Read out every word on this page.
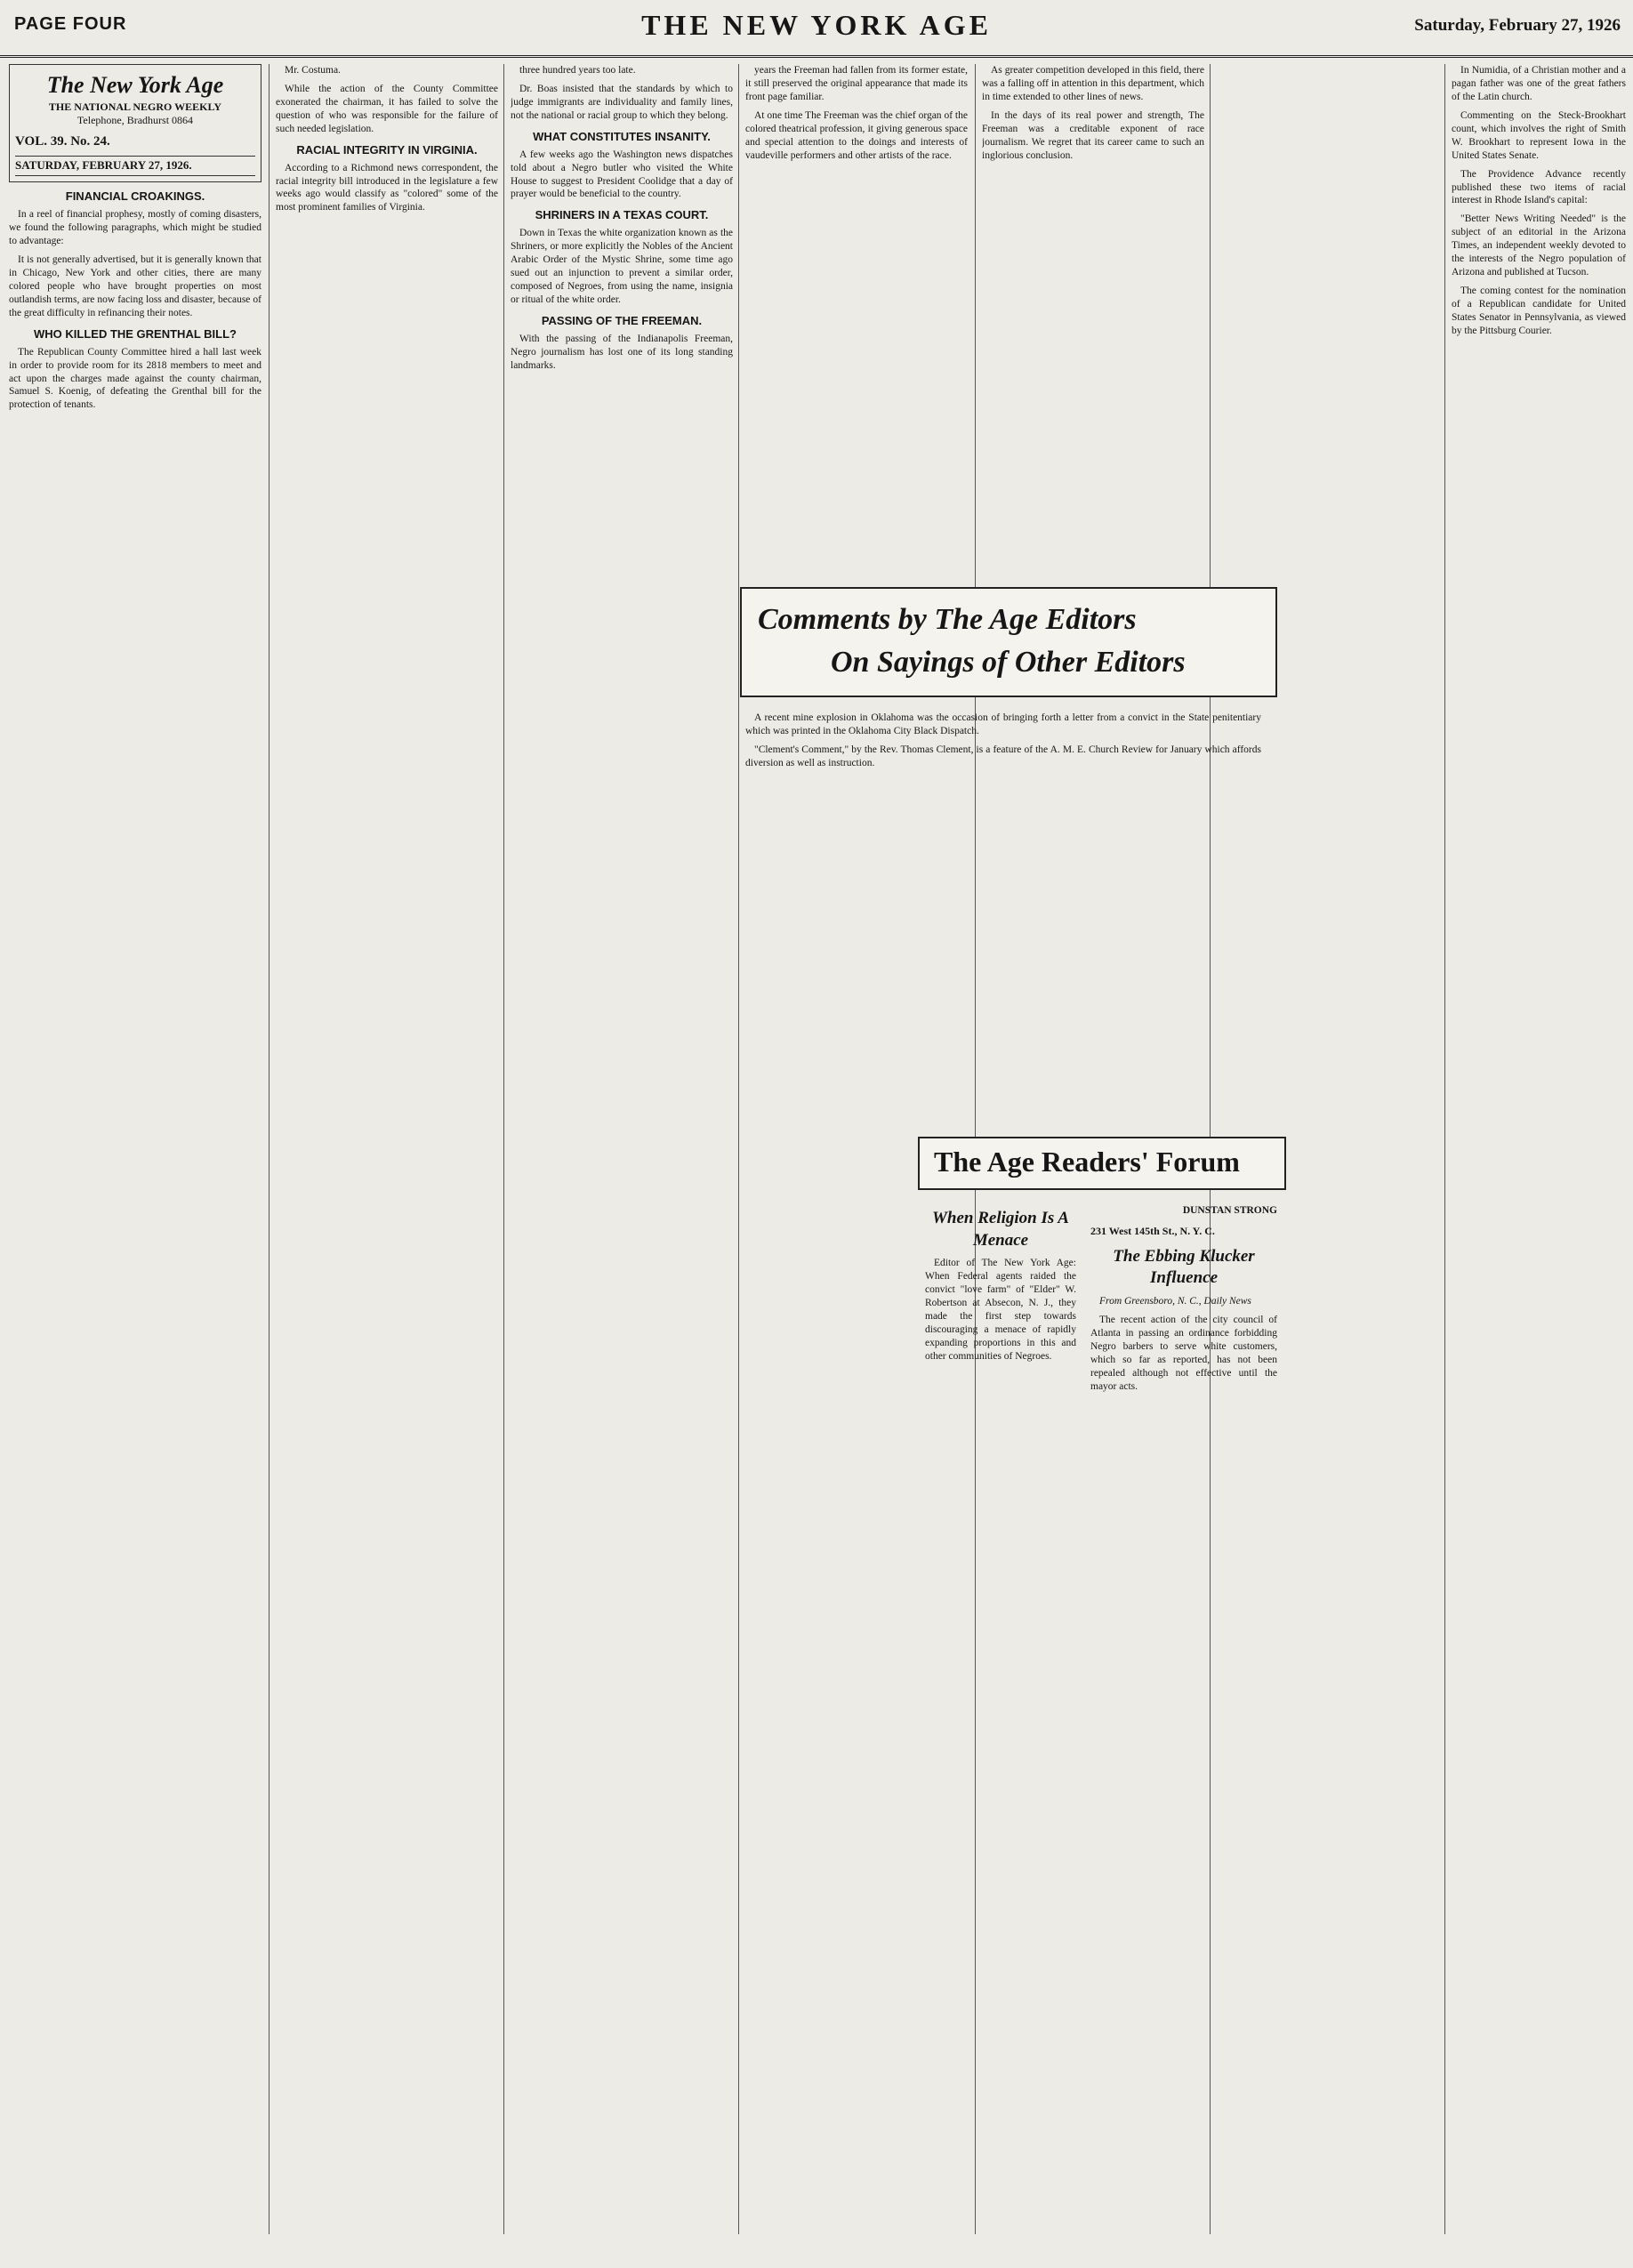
PAGE FOUR	THE NEW YORK AGE	Saturday, February 27, 1926
The New York Age
THE NATIONAL NEGRO WEEKLY
Telephone, Bradhurst 0864
VOL. 39. No. 24.
SATURDAY, FEBRUARY 27, 1926.
FINANCIAL CROAKINGS.

In a reel of financial prophesy, mostly of coming disasters, we found the following paragraphs, which might be studied to advantage:

It is not generally advertised, but it is generally known that in Chicago, New York and other cities, there are many colored people who have brought properties on most outlandish terms, are now facing loss and disaster, because of the great difficulty in refinancing their notes.

WHO KILLED THE GRENTHAL BILL?

The Republican County Committee hired a hall last week in order to provide room for its 2818 members to meet and act upon the charges made against the county chairman, Samuel S. Koenig, of defeating the Grenthal bill for the protection of tenants.

Mr. Costuma.

While the action of the County Committee exonerated the chairman, it has failed to solve the question of who was responsible for the failure of such needed legislation.

RACIAL INTEGRITY IN VIRGINIA.

According to a Richmond news correspondent, the racial integrity bill introduced in the legislature a few weeks ago would classify as "colored" some of the most prominent families of Virginia.

three hundred years too late.

Dr. Boas insisted that the standards by which to judge immigrants are individuality and family lines, not the national or racial group to which they belong.

WHAT CONSTITUTES INSANITY.

A few weeks ago the Washington news dispatches told about a Negro butler who visited the White House to suggest to President Coolidge that a day of prayer would be beneficial to the country.

SHRINERS IN A TEXAS COURT.

Down in Texas the white organization known as the Shriners, or more explicitly the Nobles of the Ancient Arabic Order of the Mystic Shrine, some time ago sued out an injunction to prevent a similar order, composed of Negroes, from using the name, insignia or ritual of the white order.

PASSING OF THE FREEMAN.

With the passing of the Indianapolis Freeman, Negro journalism has lost one of its long standing landmarks.

years the Freeman had fallen from its former estate, it still preserved the original appearance that made its front page familiar.

At one time The Freeman was the chief organ of the colored theatrical profession, it giving generous space and special attention to the doings and interests of vaudeville performers and other artists of the race.

As greater competition developed in this field, there was a falling off in attention in this department, which in time extended to other lines of news.

In the days of its real power and strength, The Freeman was a creditable exponent of race journalism. We regret that its career came to such an inglorious conclusion.

Comments by The Age Editors
On Sayings of Other Editors

A recent mine explosion in Oklahoma was the occasion of bringing forth a letter from a convict in the State penitentiary which was printed in the Oklahoma City Black Dispatch.

"Clement's Comment," by the Rev. Thomas Clement, is a feature of the A. M. E. Church Review for January which affords diversion as well as instruction.

The Age Readers' Forum
When Religion Is A Menace

Editor of The New York Age: When Federal agents raided the convict "love farm" of "Elder" W. Robertson at Absecon, N. J., they made the first step towards discouraging a menace of rapidly expanding proportions in this and other communities of Negroes.

DUNSTAN STRONG
231 West 145th St., N. Y. C.
The Ebbing Klucker Influence

From Greensboro, N. C., Daily News

The recent action of the city council of Atlanta in passing an ordinance forbidding Negro barbers to serve white customers, which so far as reported, has not been repealed although not effective until the mayor acts.

In Numidia, of a Christian mother and a pagan father was one of the great fathers of the Latin church.

Commenting on the Steck-Brookhart count, which involves the right of Smith W. Brookhart to represent Iowa in the United States Senate.

The Providence Advance recently published these two items of racial interest in Rhode Island's capital:

"Better News Writing Needed" is the subject of an editorial in the Arizona Times, an independent weekly devoted to the interests of the Negro population of Arizona and published at Tucson.

The coming contest for the nomination of a Republican candidate for United States Senator in Pennsylvania, as viewed by the Pittsburg Courier.
